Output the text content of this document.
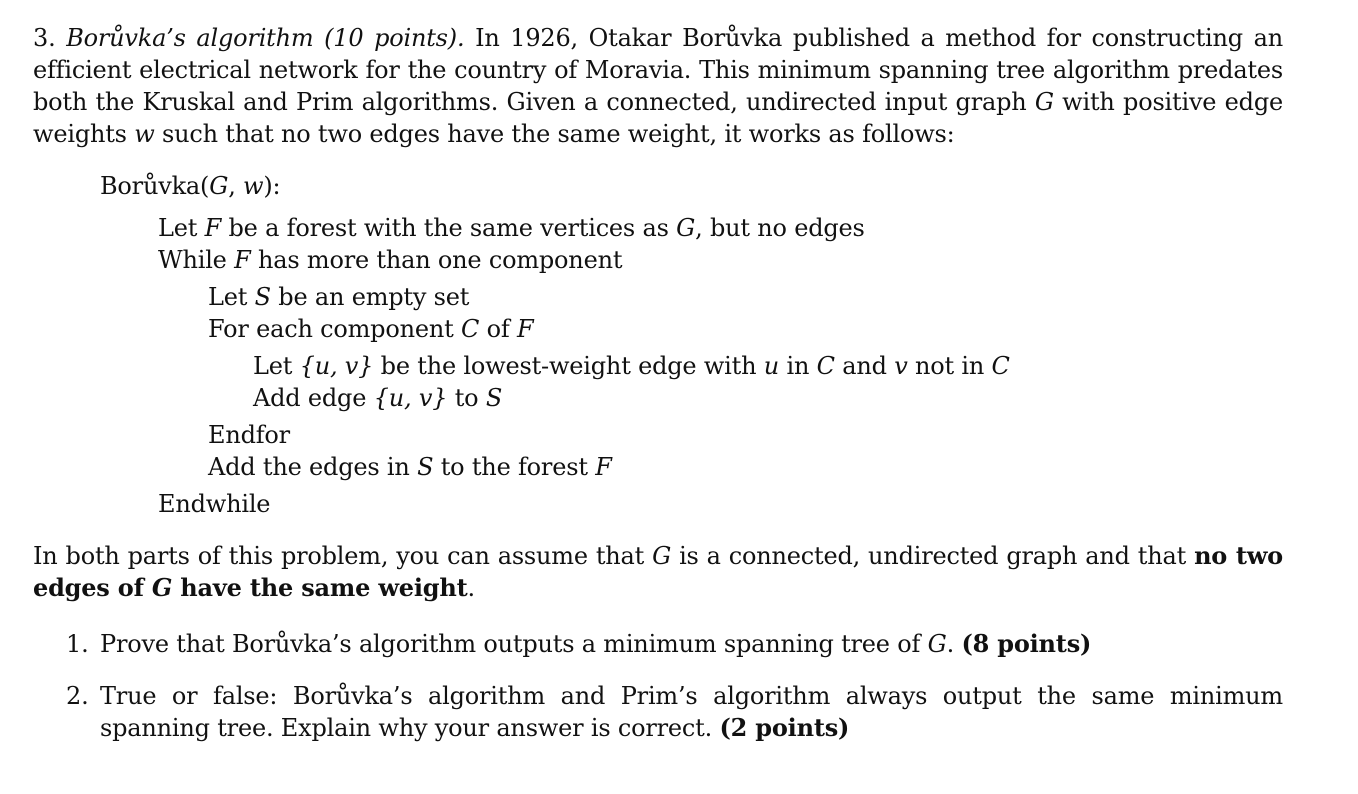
3. Borůvka’s algorithm (10 points). In 1926, Otakar Borůvka published a method for constructing an efficient electrical network for the country of Moravia. This minimum spanning tree algorithm predates both the Kruskal and Prim algorithms. Given a connected, undirected input graph G with positive edge weights w such that no two edges have the same weight, it works as follows:

Borůvka(G, w):
Let F be a forest with the same vertices as G, but no edges
While F has more than one component
Let S be an empty set
For each component C of F
Let {u, v} be the lowest-weight edge with u in C and v not in C
Add edge {u, v} to S
Endfor
Add the edges in S to the forest F
Endwhile

In both parts of this problem, you can assume that G is a connected, undirected graph and that no two edges of G have the same weight.

1. Prove that Borůvka’s algorithm outputs a minimum spanning tree of G. (8 points)
2. True or false: Borůvka’s algorithm and Prim’s algorithm always output the same minimum spanning tree. Explain why your answer is correct. (2 points)
